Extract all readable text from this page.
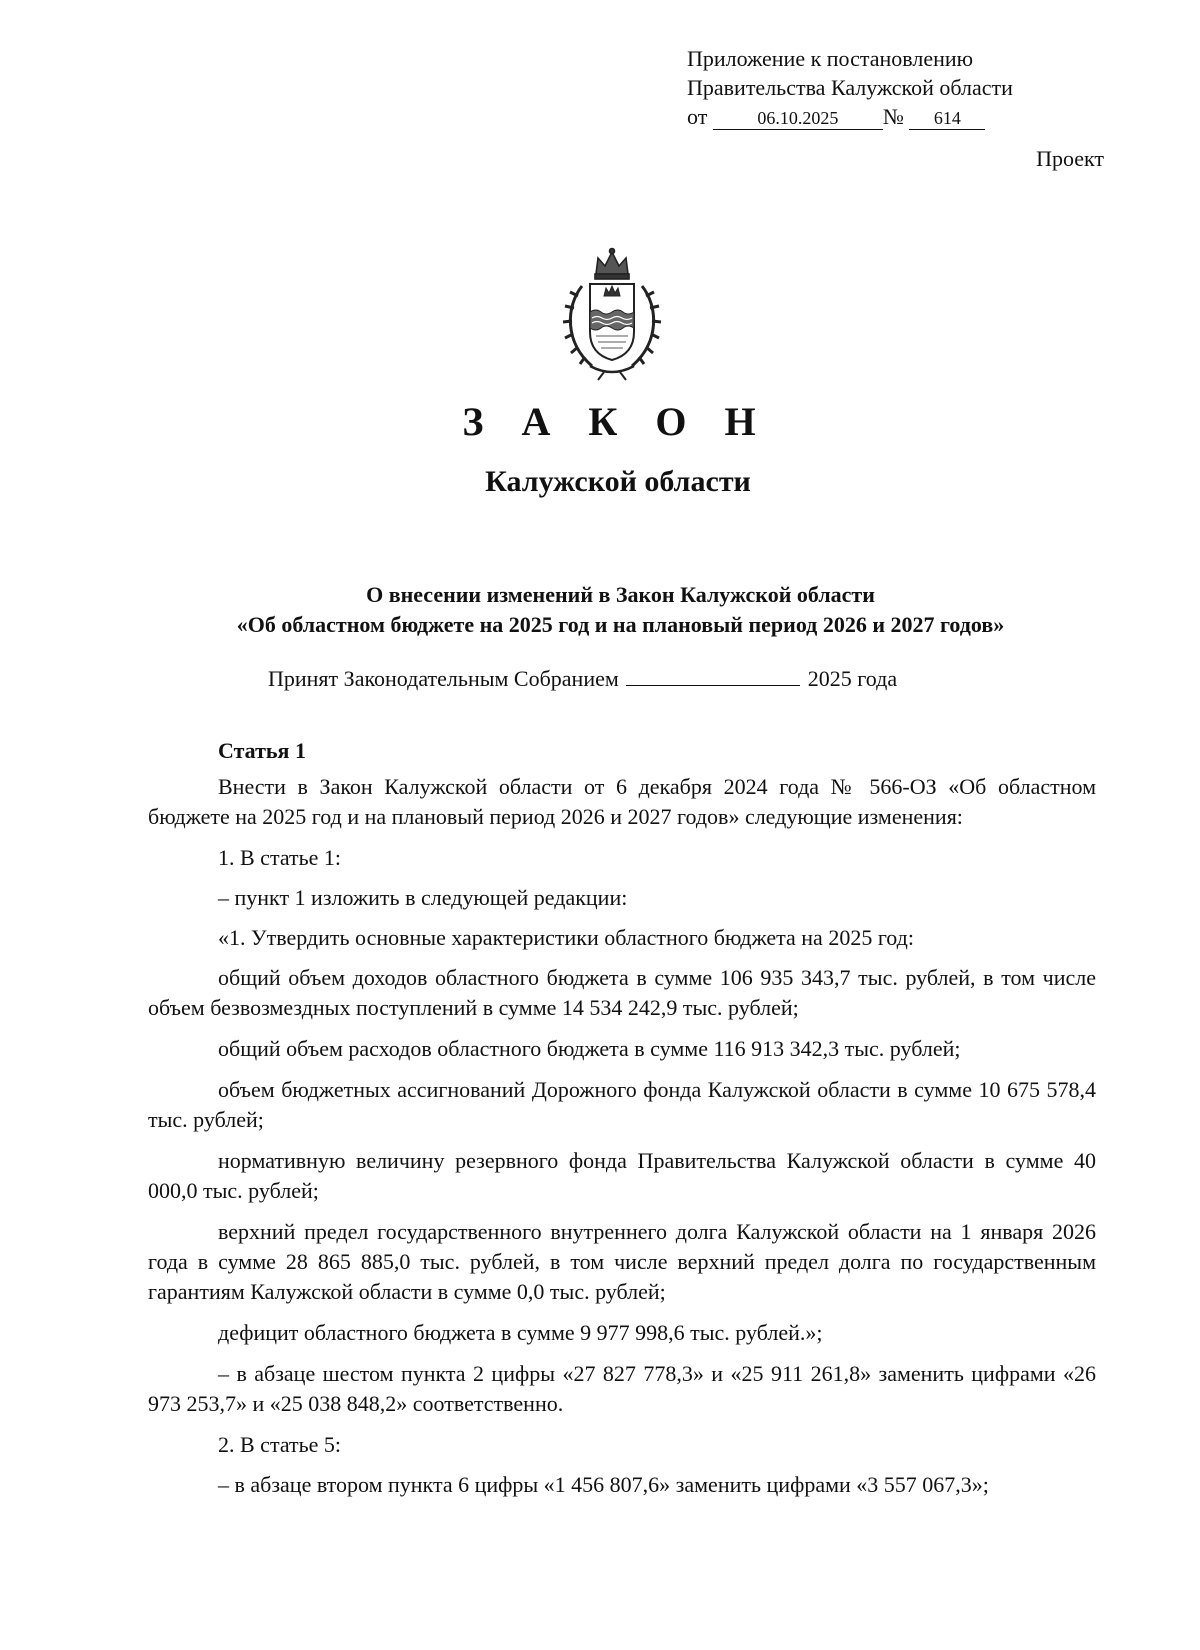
Приложение к постановлению
Правительства Калужской области
от	06.10.2025 № 614
Проект
З А К О Н
Калужской области
О внесении изменений в Закон Калужской области
«Об областном бюджете на 2025 год и на плановый период 2026 и 2027 годов»
Принят Законодательным Собранием	2025 года
Статья 1

Внести в Закон Калужской области от 6 декабря 2024 года № 566-ОЗ «Об областном бюджете на 2025 год и на плановый период 2026 и 2027 годов» следующие изменения:

1. В статье 1:

– пункт 1 изложить в следующей редакции:

«1. Утвердить основные характеристики областного бюджета на 2025 год:

общий объем доходов областного бюджета в сумме 106 935 343,7 тыс. рублей, в том числе объем безвозмездных поступлений в сумме 14 534 242,9 тыс. рублей;

общий объем расходов областного бюджета в сумме 116 913 342,3 тыс. рублей;

объем бюджетных ассигнований Дорожного фонда Калужской области в сумме 10 675 578,4 тыс. рублей;

нормативную величину резервного фонда Правительства Калужской области в сумме 40 000,0 тыс. рублей;

верхний предел государственного внутреннего долга Калужской области на 1 января 2026 года в сумме 28 865 885,0 тыс. рублей, в том числе верхний предел долга по государственным гарантиям Калужской области в сумме 0,0 тыс. рублей;

дефицит областного бюджета в сумме 9 977 998,6 тыс. рублей.»;

– в абзаце шестом пункта 2 цифры «27 827 778,3» и «25 911 261,8» заменить цифрами «26 973 253,7» и «25 038 848,2» соответственно.

2. В статье 5:

– в абзаце втором пункта 6 цифры «1 456 807,6» заменить цифрами «3 557 067,3»;
